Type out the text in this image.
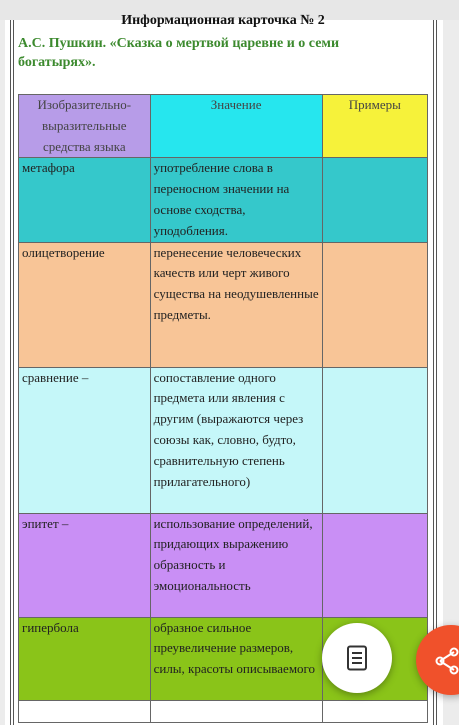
Информационная карточка № 2
А.С. Пушкин. «Сказка о мертвой царевне и о семи богатырях».
Изобразительно-выразительные средства языка	Значение	Примеры
метафора	употребление слова в переносном значении на основе сходства, уподобления.	
олицетворение	перенесение человеческих качеств или черт живого существа на неодушевленные предметы.	
сравнение –	сопоставление одного предмета или явления с другим (выражаются через союзы как, словно, будто, сравнительную степень прилагательного)	
эпитет –	использование определений, придающих выражению образность и эмоциональность	
гипербола	образное сильное преувеличение размеров, силы, красоты описываемого	
